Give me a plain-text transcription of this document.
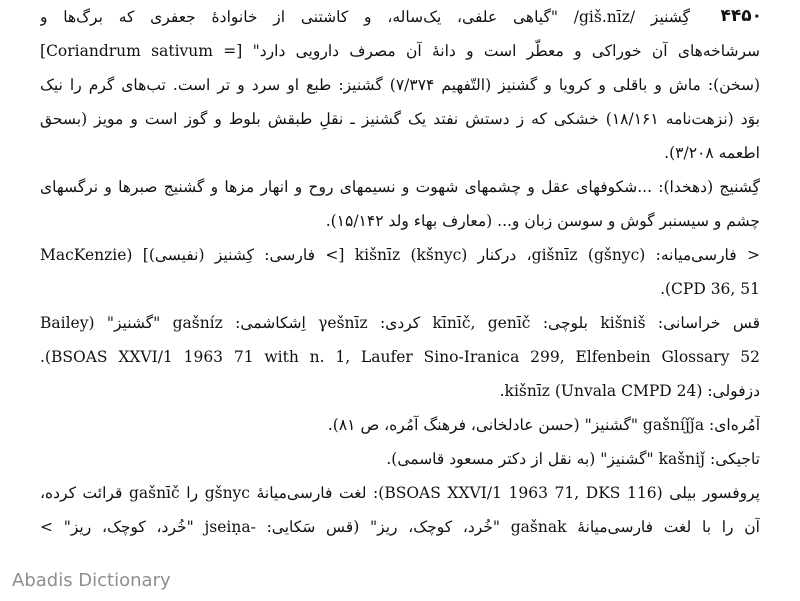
۴۴۵۰
گِشنیز /giš.nīz/ "گیاهی علفی، یک‌ساله، و کاشتنی از خانوادهٔ جعفری که برگ‌ها و
سرشاخه‌های آن خوراکی و معطّر است و دانهٔ آن مصرف دارویی دارد" [= Coriandrum sativum]
(سخن): ماش و باقلی و کرویا و گشنیز (التّفهیم ۷/۳۷۴) گشنیز: طبع او سرد و تر است. تب‌های گرم را نیک
بوَد (نزهت‌نامه ۱۸/۱۶۱) خشکی که ز دستش نفتد یک گشنیز ـ نقلِ طبقش بلوط و گوز است و مویز (بسحق
اطعمه ۳/۲۰۸).
گِشنیج (دهخدا): ...شکوفهای عقل و چشمهای شهوت و نسیمهای روح و انهار مزها و گشنیج صبرها و نرگسهای
چشم و سیسنبر گوش و سوسن زبان و... (معارف بهاء ولد ۱۵/۱۴۲).
< فارسی‌میانه: gišnīz (gšnyc)، درکنار kišnīz (kšnyc) [> فارسی: کِشنیز (نفیسی)] (MacKenzie
CPD 36, 51).
قس خراسانی: kišniš بلوچی: kīnīč, genīč کردی: γešnīz اِشکاشمی: gašníz "گشنیز" (Bailey
BSOAS XXVI/1 1963 71 with n. 1, Laufer Sino-Iranica 299, Elfenbein Glossary 52).
دزفولی: kišnīz (Unvala CMPD 24).
آمُره‌ای: gašníǰǰa "گشنیز" (حسن عادلخانی، فرهنگ آمُره، ص ۸۱).
تاجیکی: kašniǰ "گشنیز" (به نقل از دکتر مسعود قاسمی).
پروفسور بیلی (BSOAS XXVI/1 1963 71, DKS 116): لغت فارسی‌میانهٔ gšnyc را gašnīč قرائت کرده،
آن را با لغت فارسی‌میانهٔ gašnak "خُرد، کوچک، ریز" (قس سَکایی: -jseiṇa "خُرد، کوچک، ریز" >
Abadis Dictionary
